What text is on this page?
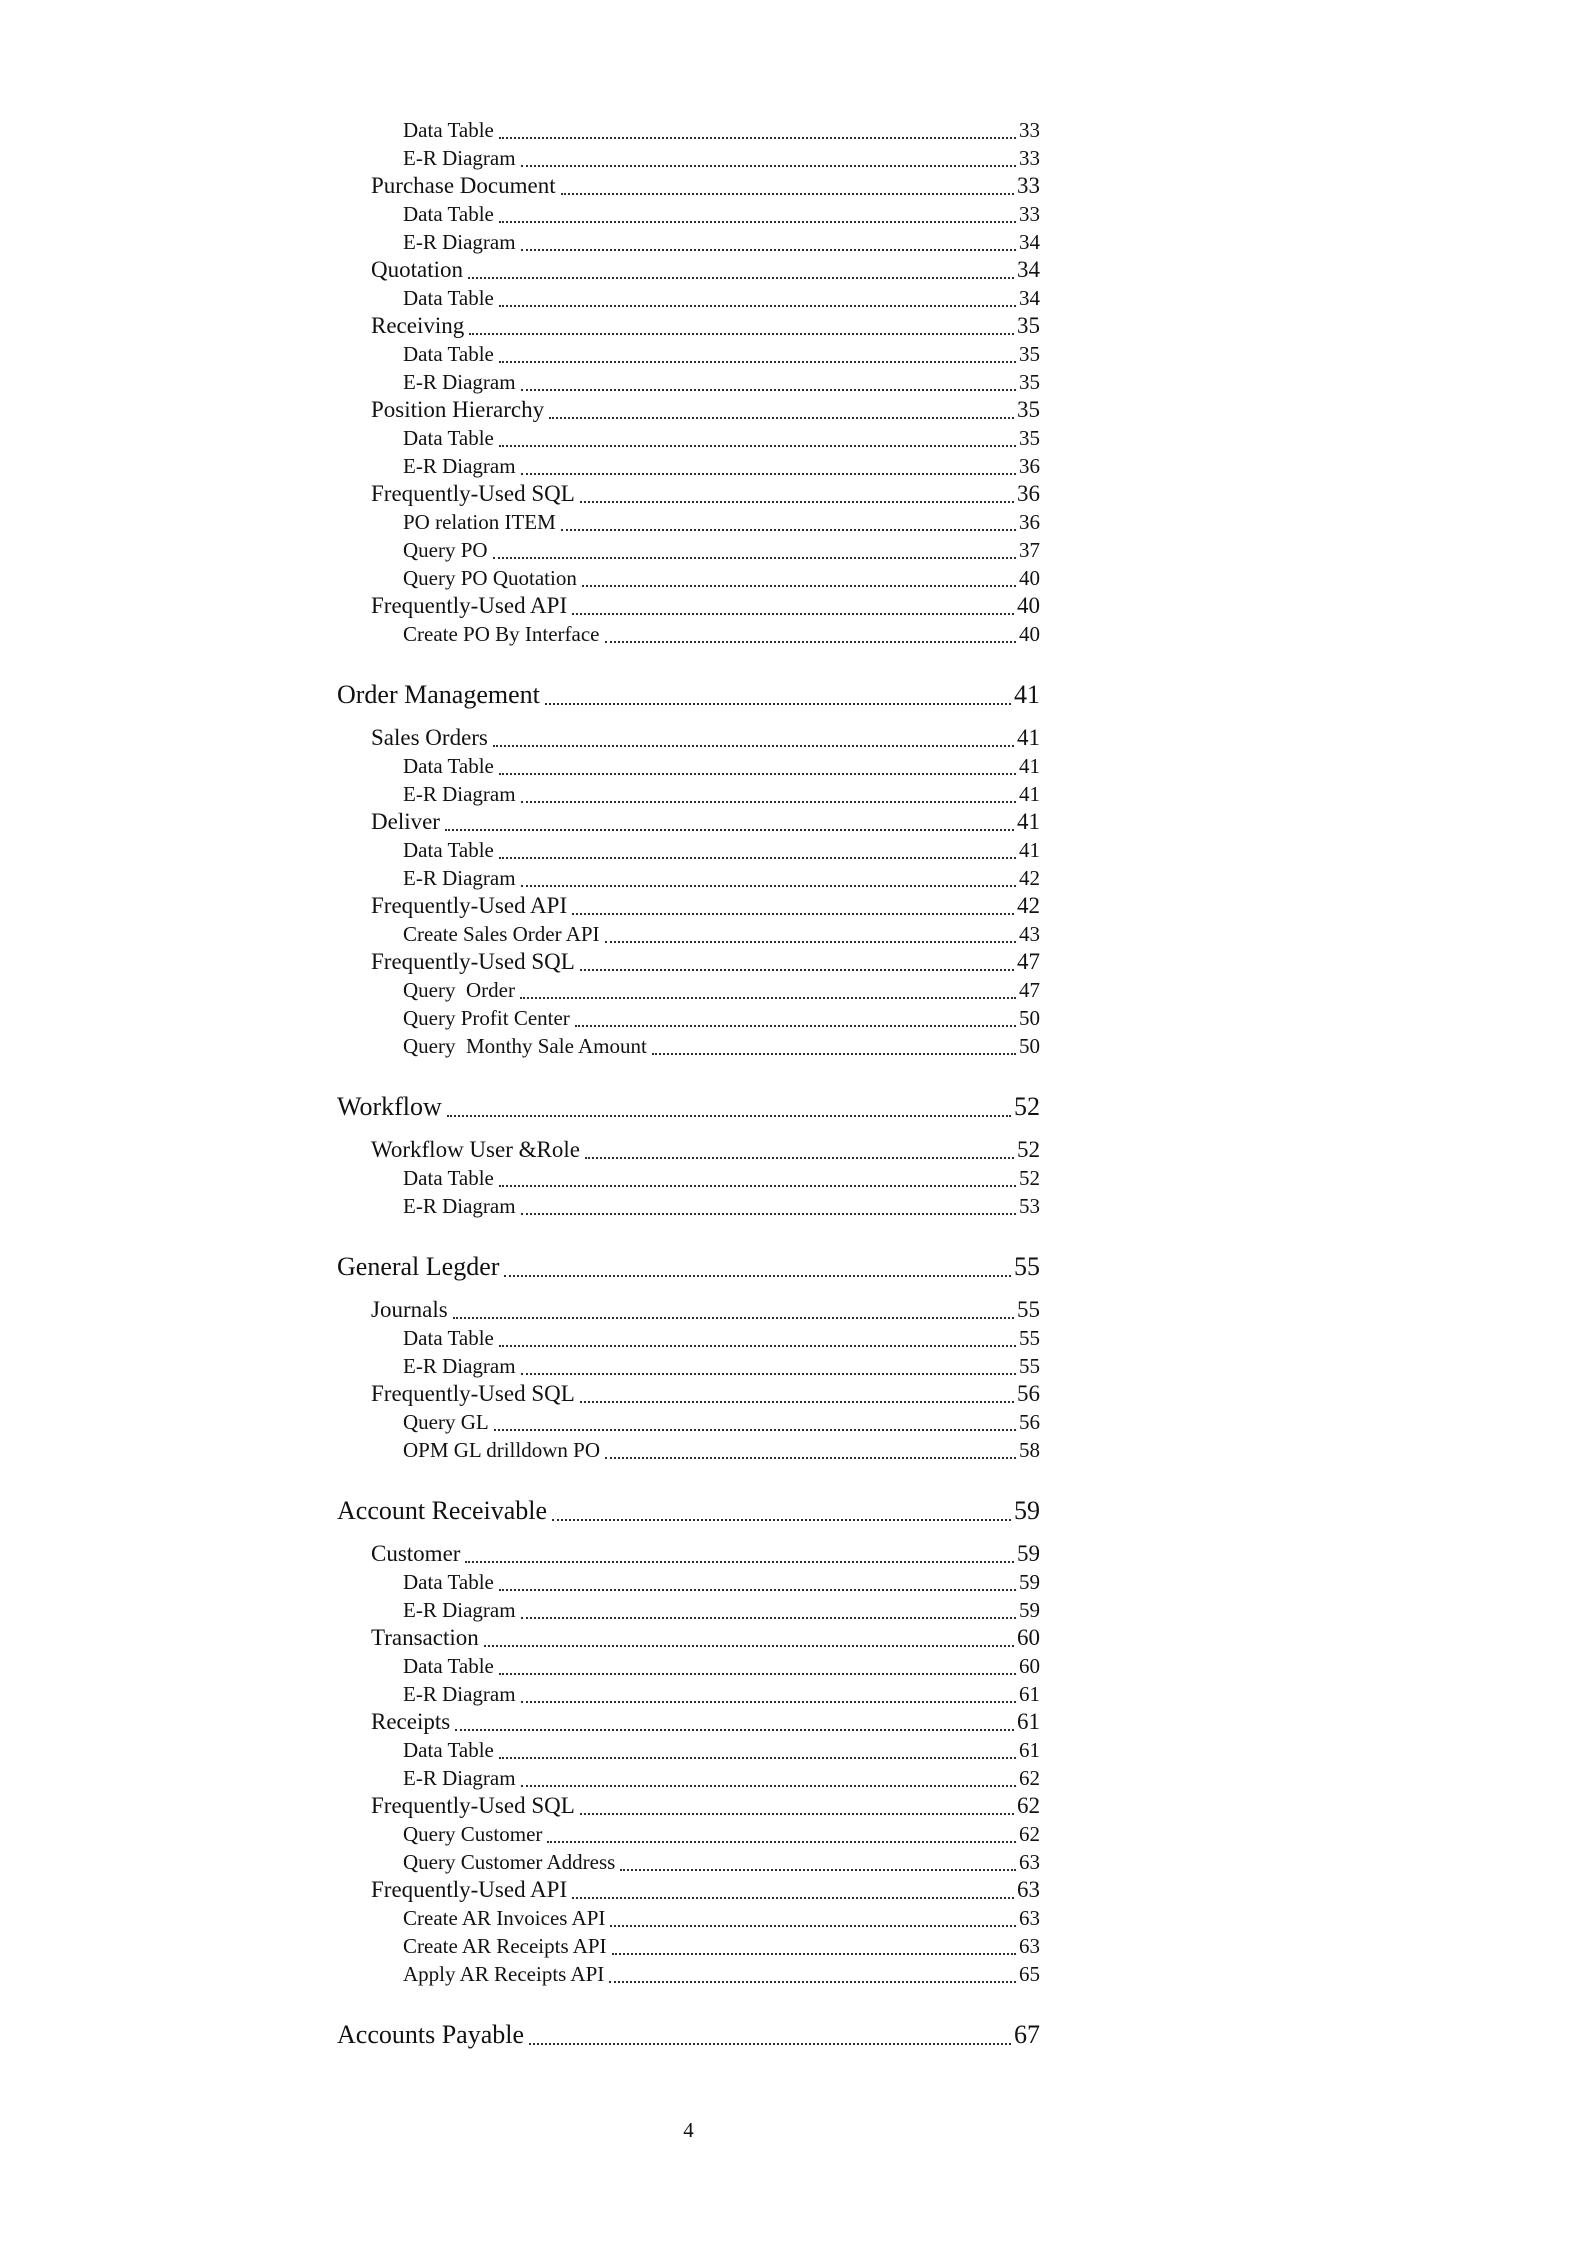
Data Table	33
E-R Diagram	33
Purchase Document	33
Data Table	33
E-R Diagram	34
Quotation	34
Data Table	34
Receiving	35
Data Table	35
E-R Diagram	35
Position Hierarchy	35
Data Table	35
E-R Diagram	36
Frequently-Used SQL	36
PO relation ITEM	36
Query PO	37
Query PO Quotation	40
Frequently-Used API	40
Create PO By Interface	40
Order Management	41
Sales Orders	41
Data Table	41
E-R Diagram	41
Deliver	41
Data Table	41
E-R Diagram	42
Frequently-Used API	42
Create Sales Order API	43
Frequently-Used SQL	47
Query  Order	47
Query Profit Center	50
Query  Monthy Sale Amount	50
Workflow	52
Workflow User &Role	52
Data Table	52
E-R Diagram	53
General Legder	55
Journals	55
Data Table	55
E-R Diagram	55
Frequently-Used SQL	56
Query GL	56
OPM GL drilldown PO	58
Account Receivable	59
Customer	59
Data Table	59
E-R Diagram	59
Transaction	60
Data Table	60
E-R Diagram	61
Receipts	61
Data Table	61
E-R Diagram	62
Frequently-Used SQL	62
Query Customer	62
Query Customer Address	63
Frequently-Used API	63
Create AR Invoices API	63
Create AR Receipts API	63
Apply AR Receipts API	65
Accounts Payable	67
4
